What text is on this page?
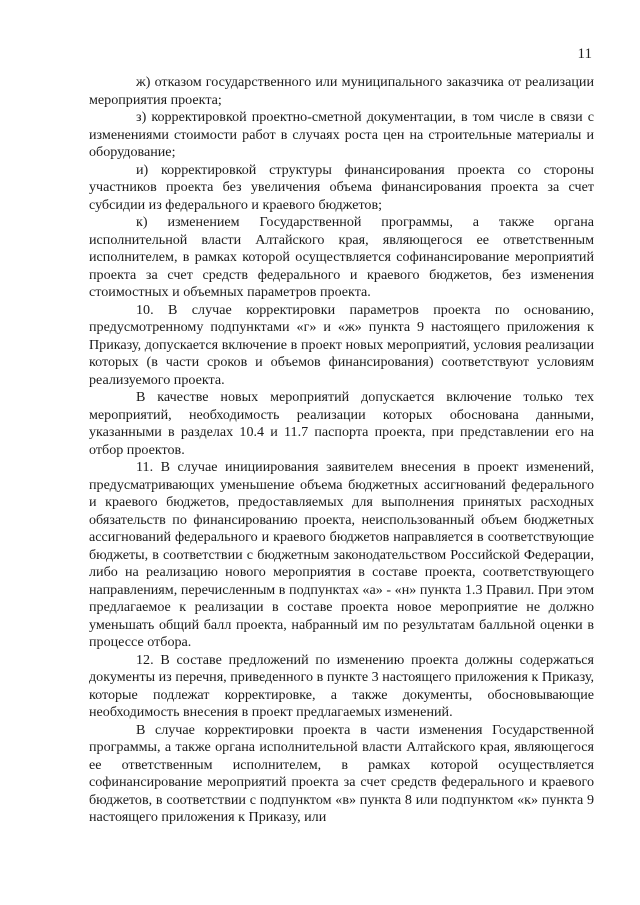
11

ж) отказом государственного или муниципального заказчика от реализации мероприятия проекта;

з) корректировкой проектно-сметной документации, в том числе в связи с изменениями стоимости работ в случаях роста цен на строительные материалы и оборудование;

и) корректировкой структуры финансирования проекта со стороны участников проекта без увеличения объема финансирования проекта за счет субсидии из федерального и краевого бюджетов;

к) изменением Государственной программы, а также органа исполнительной власти Алтайского края, являющегося ее ответственным исполнителем, в рамках которой осуществляется софинансирование мероприятий проекта за счет средств федерального и краевого бюджетов, без изменения стоимостных и объемных параметров проекта.

10. В случае корректировки параметров проекта по основанию, предусмотренному подпунктами «г» и «ж» пункта 9 настоящего приложения к Приказу, допускается включение в проект новых мероприятий, условия реализации которых (в части сроков и объемов финансирования) соответствуют условиям реализуемого проекта.

В качестве новых мероприятий допускается включение только тех мероприятий, необходимость реализации которых обоснована данными, указанными в разделах 10.4 и 11.7 паспорта проекта, при представлении его на отбор проектов.

11. В случае инициирования заявителем внесения в проект изменений, предусматривающих уменьшение объема бюджетных ассигнований федерального и краевого бюджетов, предоставляемых для выполнения принятых расходных обязательств по финансированию проекта, неиспользованный объем бюджетных ассигнований федерального и краевого бюджетов направляется в соответствующие бюджеты, в соответствии с бюджетным законодательством Российской Федерации, либо на реализацию нового мероприятия в составе проекта, соответствующего направлениям, перечисленным в подпунктах «а» - «н» пункта 1.3 Правил. При этом предлагаемое к реализации в составе проекта новое мероприятие не должно уменьшать общий балл проекта, набранный им по результатам балльной оценки в процессе отбора.

12. В составе предложений по изменению проекта должны содержаться документы из перечня, приведенного в пункте 3 настоящего приложения к Приказу, которые подлежат корректировке, а также документы, обосновывающие необходимость внесения в проект предлагаемых изменений.

В случае корректировки проекта в части изменения Государственной программы, а также органа исполнительной власти Алтайского края, являющегося ее ответственным исполнителем, в рамках которой осуществляется софинансирование мероприятий проекта за счет средств федерального и краевого бюджетов, в соответствии с подпунктом «в» пункта 8 или подпунктом «к» пункта 9 настоящего приложения к Приказу, или
